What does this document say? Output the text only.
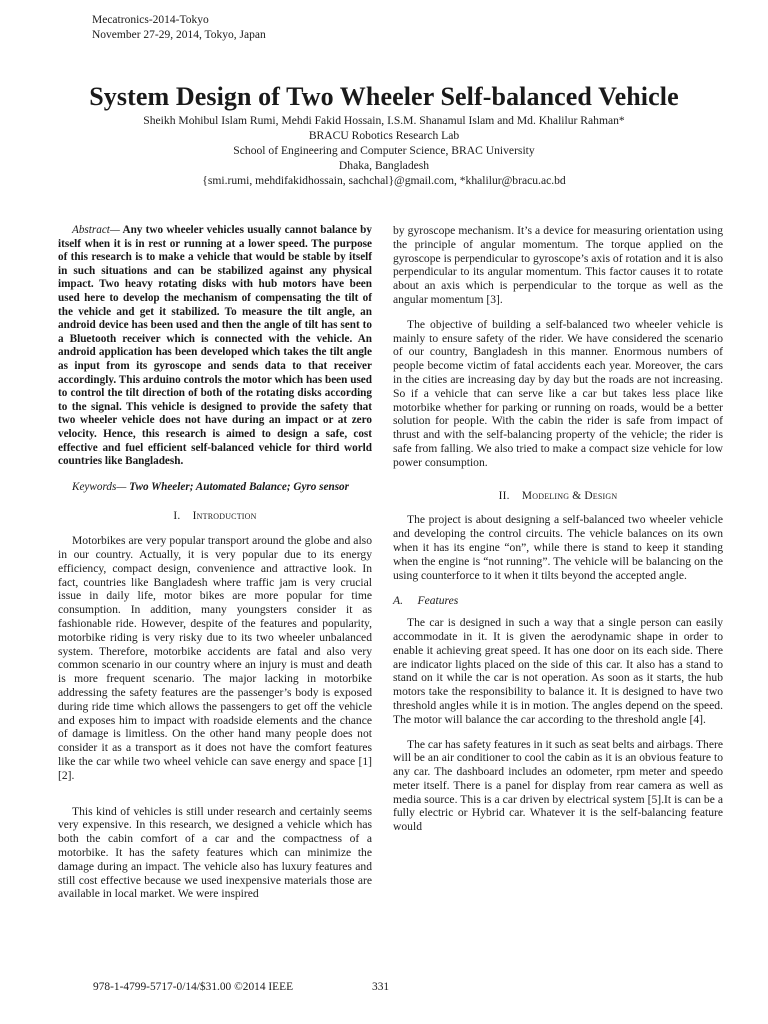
Mecatronics-2014-Tokyo
November 27-29, 2014, Tokyo, Japan
System Design of Two Wheeler Self-balanced Vehicle
Sheikh Mohibul Islam Rumi, Mehdi Fakid Hossain, I.S.M. Shanamul Islam and Md. Khalilur Rahman*
BRACU Robotics Research Lab
School of Engineering and Computer Science, BRAC University
Dhaka, Bangladesh
{smi.rumi, mehdifakidhossain, sachchal}@gmail.com, *khalilur@bracu.ac.bd

Abstract— Any two wheeler vehicles usually cannot balance by itself when it is in rest or running at a lower speed. The purpose of this research is to make a vehicle that would be stable by itself in such situations and can be stabilized against any physical impact. Two heavy rotating disks with hub motors have been used here to develop the mechanism of compensating the tilt of the vehicle and get it stabilized. To measure the tilt angle, an android device has been used and then the angle of tilt has sent to a Bluetooth receiver which is connected with the vehicle. An android application has been developed which takes the tilt angle as input from its gyroscope and sends data to that receiver accordingly. This arduino controls the motor which has been used to control the tilt direction of both of the rotating disks according to the signal. This vehicle is designed to provide the safety that two wheeler vehicle does not have during an impact or at zero velocity. Hence, this research is aimed to design a safe, cost effective and fuel efficient self-balanced vehicle for third world countries like Bangladesh.

Keywords— Two Wheeler; Automated Balance; Gyro sensor

I. Introduction

Motorbikes are very popular transport around the globe and also in our country. Actually, it is very popular due to its energy efficiency, compact design, convenience and attractive look. In fact, countries like Bangladesh where traffic jam is very crucial issue in daily life, motor bikes are more popular for time consumption. In addition, many youngsters consider it as fashionable ride. However, despite of the features and popularity, motorbike riding is very risky due to its two wheeler unbalanced system. Therefore, motorbike accidents are fatal and also very common scenario in our country where an injury is must and death is more frequent scenario. The major lacking in motorbike addressing the safety features are the passenger’s body is exposed during ride time which allows the passengers to get off the vehicle and exposes him to impact with roadside elements and the chance of damage is limitless. On the other hand many people does not consider it as a transport as it does not have the comfort features like the car while two wheel vehicle can save energy and space [1][2].

This kind of vehicles is still under research and certainly seems very expensive. In this research, we designed a vehicle which has both the cabin comfort of a car and the compactness of a motorbike. It has the safety features which can minimize the damage during an impact. The vehicle also has luxury features and still cost effective because we used inexpensive materials those are available in local market. We were inspired

by gyroscope mechanism. It’s a device for measuring orientation using the principle of angular momentum. The torque applied on the gyroscope is perpendicular to gyroscope’s axis of rotation and it is also perpendicular to its angular momentum. This factor causes it to rotate about an axis which is perpendicular to the torque as well as the angular momentum [3].

The objective of building a self-balanced two wheeler vehicle is mainly to ensure safety of the rider. We have considered the scenario of our country, Bangladesh in this manner. Enormous numbers of people become victim of fatal accidents each year. Moreover, the cars in the cities are increasing day by day but the roads are not increasing. So if a vehicle that can serve like a car but takes less place like motorbike whether for parking or running on roads, would be a better solution for people. With the cabin the rider is safe from impact of thrust and with the self-balancing property of the vehicle; the rider is safe from falling. We also tried to make a compact size vehicle for low power consumption.

II. Modeling & Design

The project is about designing a self-balanced two wheeler vehicle and developing the control circuits. The vehicle balances on its own when it has its engine “on”, while there is stand to keep it standing when the engine is “not running”. The vehicle will be balancing on the using counterforce to it when it tilts beyond the accepted angle.

A. Features

The car is designed in such a way that a single person can easily accommodate in it. It is given the aerodynamic shape in order to enable it achieving great speed. It has one door on its each side. There are indicator lights placed on the side of this car. It also has a stand to stand on it while the car is not operation. As soon as it starts, the hub motors take the responsibility to balance it. It is designed to have two threshold angles while it is in motion. The angles depend on the speed. The motor will balance the car according to the threshold angle [4].

The car has safety features in it such as seat belts and airbags. There will be an air conditioner to cool the cabin as it is an obvious feature to any car. The dashboard includes an odometer, rpm meter and speedo meter itself. There is a panel for display from rear camera as well as media source. This is a car driven by electrical system [5].It is can be a fully electric or Hybrid car. Whatever it is the self-balancing feature would

978-1-4799-5717-0/14/$31.00 ©2014 IEEE	331
